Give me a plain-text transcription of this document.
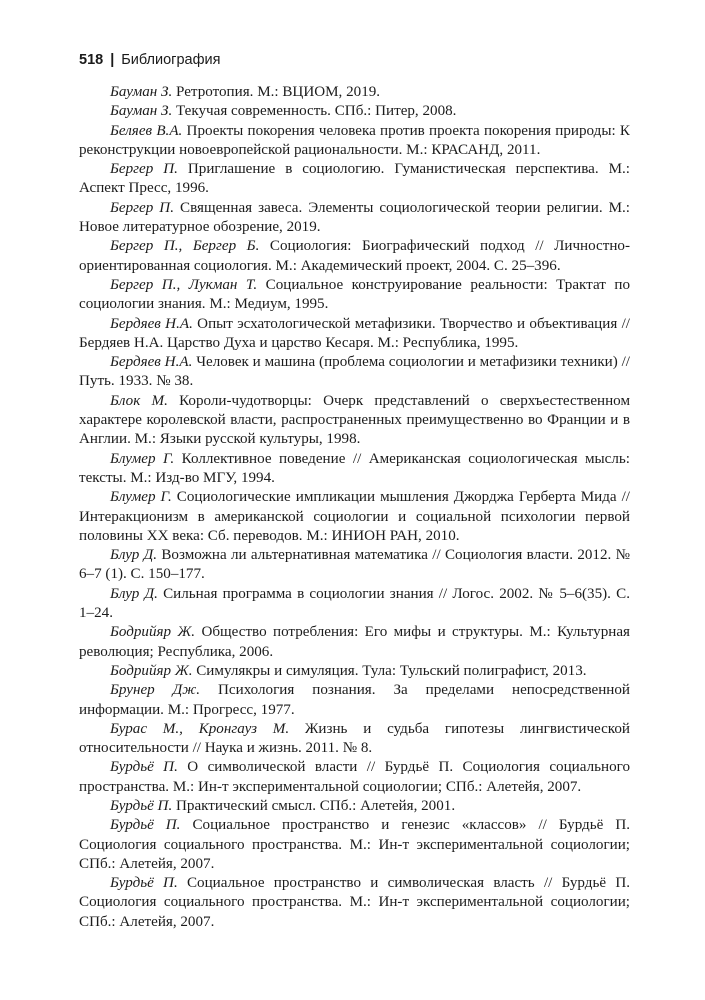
518 | Библиография

Бауман З. Ретротопия. М.: ВЦИОМ, 2019.

Бауман З. Текучая современность. СПб.: Питер, 2008.

Беляев В.А. Проекты покорения человека против проекта покорения природы: К реконструкции новоевропейской рациональности. М.: КРАСАНД, 2011.

Бергер П. Приглашение в социологию. Гуманистическая перспектива. М.: Аспект Пресс, 1996.

Бергер П. Священная завеса. Элементы социологической теории религии. М.: Новое литературное обозрение, 2019.

Бергер П., Бергер Б. Социология: Биографический подход // Личностно-ориентированная социология. М.: Академический проект, 2004. С. 25–396.

Бергер П., Лукман Т. Социальное конструирование реальности: Трактат по социологии знания. М.: Медиум, 1995.

Бердяев Н.А. Опыт эсхатологической метафизики. Творчество и объективация // Бердяев Н.А. Царство Духа и царство Кесаря. М.: Республика, 1995.

Бердяев Н.А. Человек и машина (проблема социологии и метафизики техники) // Путь. 1933. № 38.

Блок М. Короли-чудотворцы: Очерк представлений о сверхъестественном характере королевской власти, распространенных преимущественно во Франции и в Англии. М.: Языки русской культуры, 1998.

Блумер Г. Коллективное поведение // Американская социологическая мысль: тексты. М.: Изд-во МГУ, 1994.

Блумер Г. Социологические импликации мышления Джорджа Герберта Мида // Интеракционизм в американской социологии и социальной психологии первой половины XX века: Сб. переводов. М.: ИНИОН РАН, 2010.

Блур Д. Возможна ли альтернативная математика // Социология власти. 2012. № 6–7 (1). С. 150–177.

Блур Д. Сильная программа в социологии знания // Логос. 2002. № 5–6(35). С. 1–24.

Бодрийяр Ж. Общество потребления: Его мифы и структуры. М.: Культурная революция; Республика, 2006.

Бодрийяр Ж. Симулякры и симуляция. Тула: Тульский полиграфист, 2013.

Брунер Дж. Психология познания. За пределами непосредственной информации. М.: Прогресс, 1977.

Бурас М., Кронгауз М. Жизнь и судьба гипотезы лингвистической относительности // Наука и жизнь. 2011. № 8.

Бурдьё П. О символической власти // Бурдьё П. Социология социального пространства. М.: Ин-т экспериментальной социологии; СПб.: Алетейя, 2007.

Бурдьё П. Практический смысл. СПб.: Алетейя, 2001.

Бурдьё П. Социальное пространство и генезис «классов» // Бурдьё П. Социология социального пространства. М.: Ин-т экспериментальной социологии; СПб.: Алетейя, 2007.

Бурдьё П. Социальное пространство и символическая власть // Бурдьё П. Социология социального пространства. М.: Ин-т экспериментальной социологии; СПб.: Алетейя, 2007.
